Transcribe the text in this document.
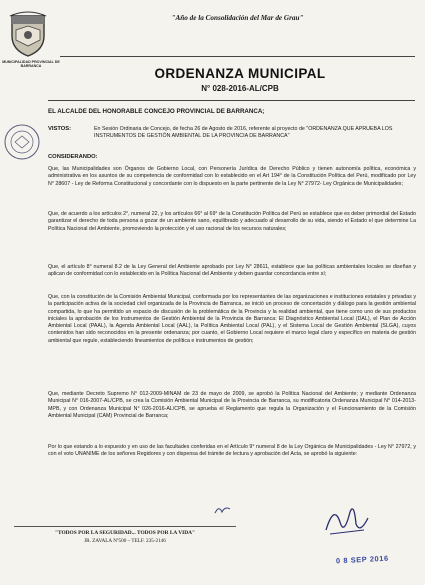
MUNICIPALIDAD PROVINCIAL DE BARRANCA
"Año de la Consolidación del Mar de Grau"
ORDENANZA MUNICIPAL
N° 028-2016-AL/CPB
EL ALCALDE DEL HONORABLE CONCEJO PROVINCIAL DE BARRANCA;
VISTOS:	En Sesión Ordinaria de Concejo, de fecha 26 de Agosto de 2016, referente al proyecto de "ORDENANZA QUE APRUEBA LOS INSTRUMENTOS DE GESTIÓN AMBIENTAL DE LA PROVINCIA DE BARRANCA"
CONSIDERANDO:
Que, las Municipalidades son Órganos de Gobierno Local, con Personería Jurídica de Derecho Público y tienen autonomía política, económica y administrativa en los asuntos de su competencia de conformidad con lo establecido en el Art 194° de la Constitución Política del Perú, modificado por Ley N° 28607 - Ley de Reforma Constitucional y concordante con lo dispuesto en la parte pertinente de la Ley N° 27972- Ley Orgánica de Municipalidades;
Que, de acuerdo a los artículos 2°, numeral 22, y los artículos 66° al 69° de la Constitución Política del Perú se establece que es deber primordial del Estado garantizar el derecho de toda persona a gozar de un ambiente sano, equilibrado y adecuado al desarrollo de su vida, siendo el Estado el que determine La Política Nacional del Ambiente, promoviendo la protección y el uso racional de los recursos naturales;
Que, el artículo 8° numeral 8.2 de la Ley General del Ambiente aprobado por Ley N° 28611, establece que las políticas ambientales locales se diseñan y aplican de conformidad con lo establecido en la Política Nacional del Ambiente y deben guardar concordancia entre sí;
Que, con la constitución de la Comisión Ambiental Municipal, conformada por los representantes de las organizaciones e instituciones estatales y privadas y la participación activa de la sociedad civil organizada de la Provincia de Barranca, se inició un proceso de concertación y diálogo para la gestión ambiental compartida, lo que ha permitido un espacio de discusión de la problemática de la Provincia y la realidad ambiental, que tiene como uno de sus productos iniciales la aprobación de los Instrumentos de Gestión Ambiental de la Provincia de Barranca: El Diagnóstico Ambiental Local (DAL), el Plan de Acción Ambiental Local (PAAL), la Agenda Ambiental Local (AAL), la Política Ambiental Local (PAL), y el Sistema Local de Gestión Ambiental (SLGA), cuyos contenidos han sido reconocidos en la presente ordenanza; por cuanto, el Gobierno Local requiere el marco legal claro y específico en materia de gestión ambiental que regule, estableciendo lineamientos de política e instrumentos de gestión;
Que, mediante Decreto Supremo N° 012-2009-MINAM de 23 de mayo de 2009, se aprobó la Política Nacional del Ambiente; y mediante Ordenanza Municipal N° 016-2007-AL/CPB, se crea la Comisión Ambiental Municipal de la Provincia de Barranca, su modificatoria Ordenanza Municipal N° 014-2013-MPB, y con Ordenanza Municipal N° 026-2016-AL/CPB, se aprueba el Reglamento que regula la Organización y el Funcionamiento de la Comisión Ambiental Municipal (CAM) Provincial de Barranca;
Por lo que estando a lo expuesto y en uso de las facultades conferidas en el Artículo 9° numeral 8 de la Ley Orgánica de Municipalidades - Ley N° 27972, y con el voto UNANIME de los señores Regidores y con dispensa del trámite de lectura y aprobación del Acta, se aprobó la siguiente:
"TODOS POR LA SEGURIDAD... TODOS POR LA VIDA"
JR. ZAVALA Nº500 – TELF. 235-2146
0 8 SEP 2016
